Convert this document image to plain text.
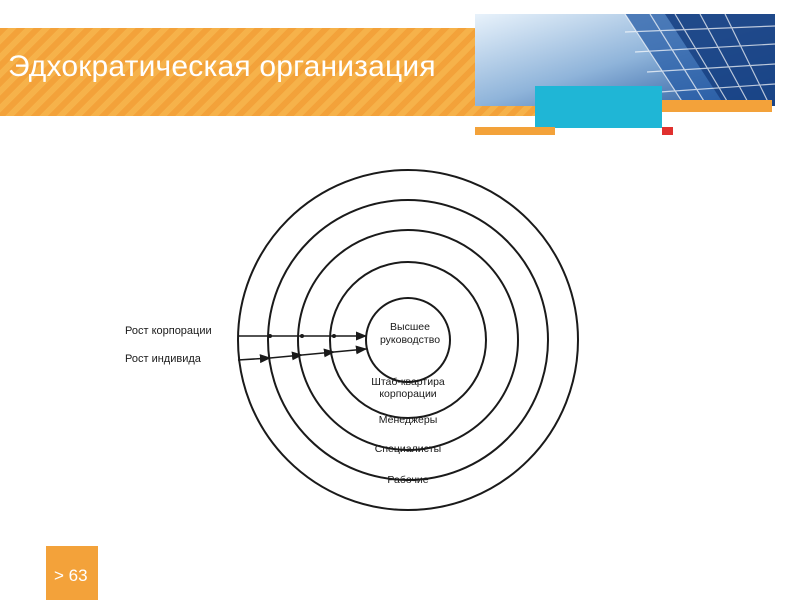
Эдхократическая организация
Рост корпорации
Рост индивида
Высшее
руководство
Штаб-квартира
корпорации
Менеджеры
Специалисты
Рабочие
> 63
